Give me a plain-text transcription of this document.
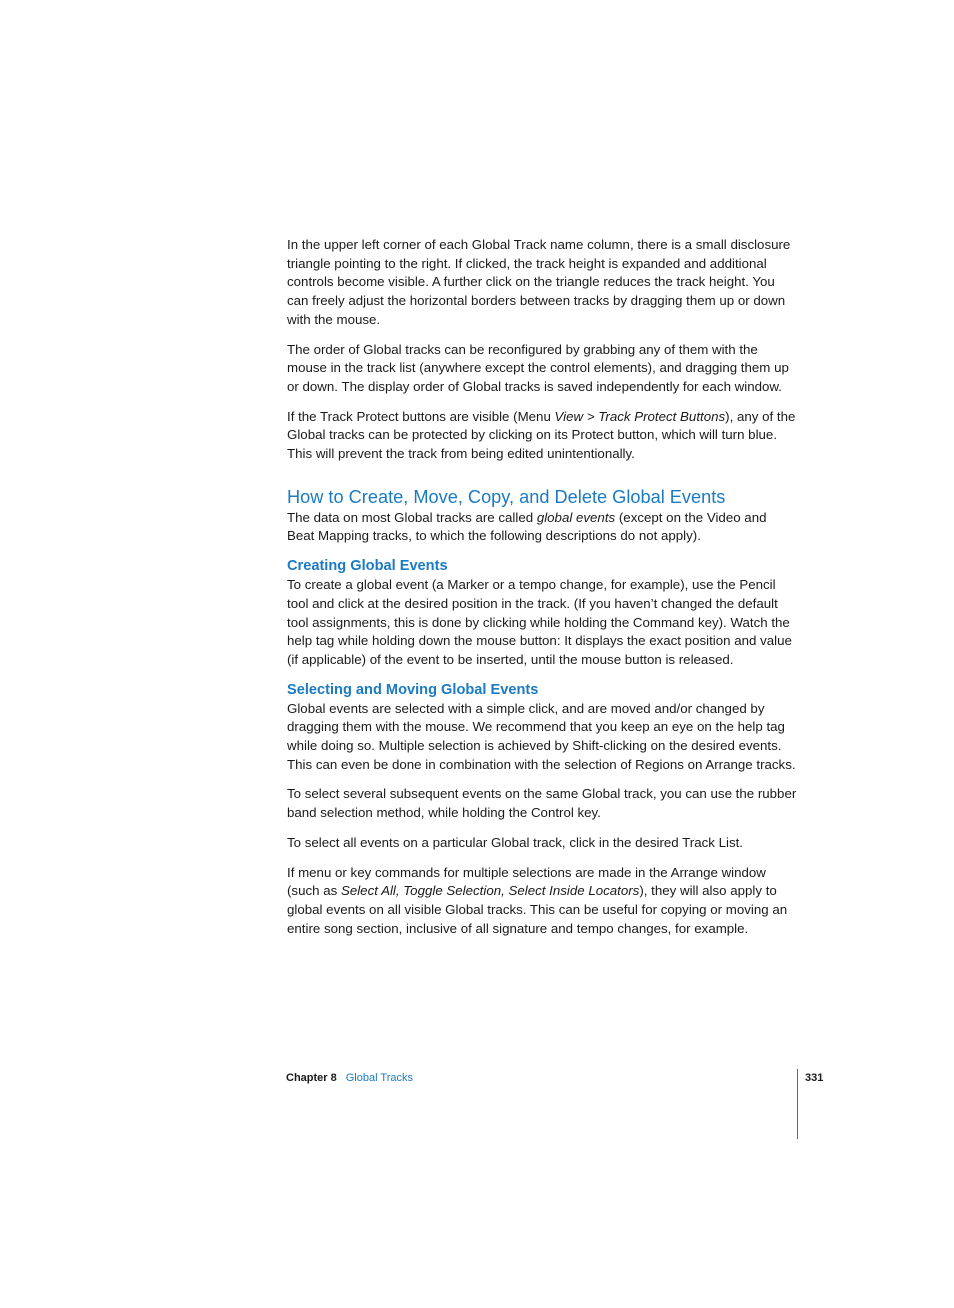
In the upper left corner of each Global Track name column, there is a small disclosure triangle pointing to the right. If clicked, the track height is expanded and additional controls become visible. A further click on the triangle reduces the track height. You can freely adjust the horizontal borders between tracks by dragging them up or down with the mouse.

The order of Global tracks can be reconfigured by grabbing any of them with the mouse in the track list (anywhere except the control elements), and dragging them up or down. The display order of Global tracks is saved independently for each window.

If the Track Protect buttons are visible (Menu View > Track Protect Buttons), any of the Global tracks can be protected by clicking on its Protect button, which will turn blue. This will prevent the track from being edited unintentionally.

How to Create, Move, Copy, and Delete Global Events

The data on most Global tracks are called global events (except on the Video and Beat Mapping tracks, to which the following descriptions do not apply).

Creating Global Events

To create a global event (a Marker or a tempo change, for example), use the Pencil tool and click at the desired position in the track. (If you haven’t changed the default tool assignments, this is done by clicking while holding the Command key). Watch the help tag while holding down the mouse button: It displays the exact position and value (if applicable) of the event to be inserted, until the mouse button is released.

Selecting and Moving Global Events

Global events are selected with a simple click, and are moved and/or changed by dragging them with the mouse. We recommend that you keep an eye on the help tag while doing so. Multiple selection is achieved by Shift-clicking on the desired events. This can even be done in combination with the selection of Regions on Arrange tracks.

To select several subsequent events on the same Global track, you can use the rubber band selection method, while holding the Control key.

To select all events on a particular Global track, click in the desired Track List.

If menu or key commands for multiple selections are made in the Arrange window (such as Select All, Toggle Selection, Select Inside Locators), they will also apply to global events on all visible Global tracks. This can be useful for copying or moving an entire song section, inclusive of all signature and tempo changes, for example.

Chapter 8 Global Tracks	331
